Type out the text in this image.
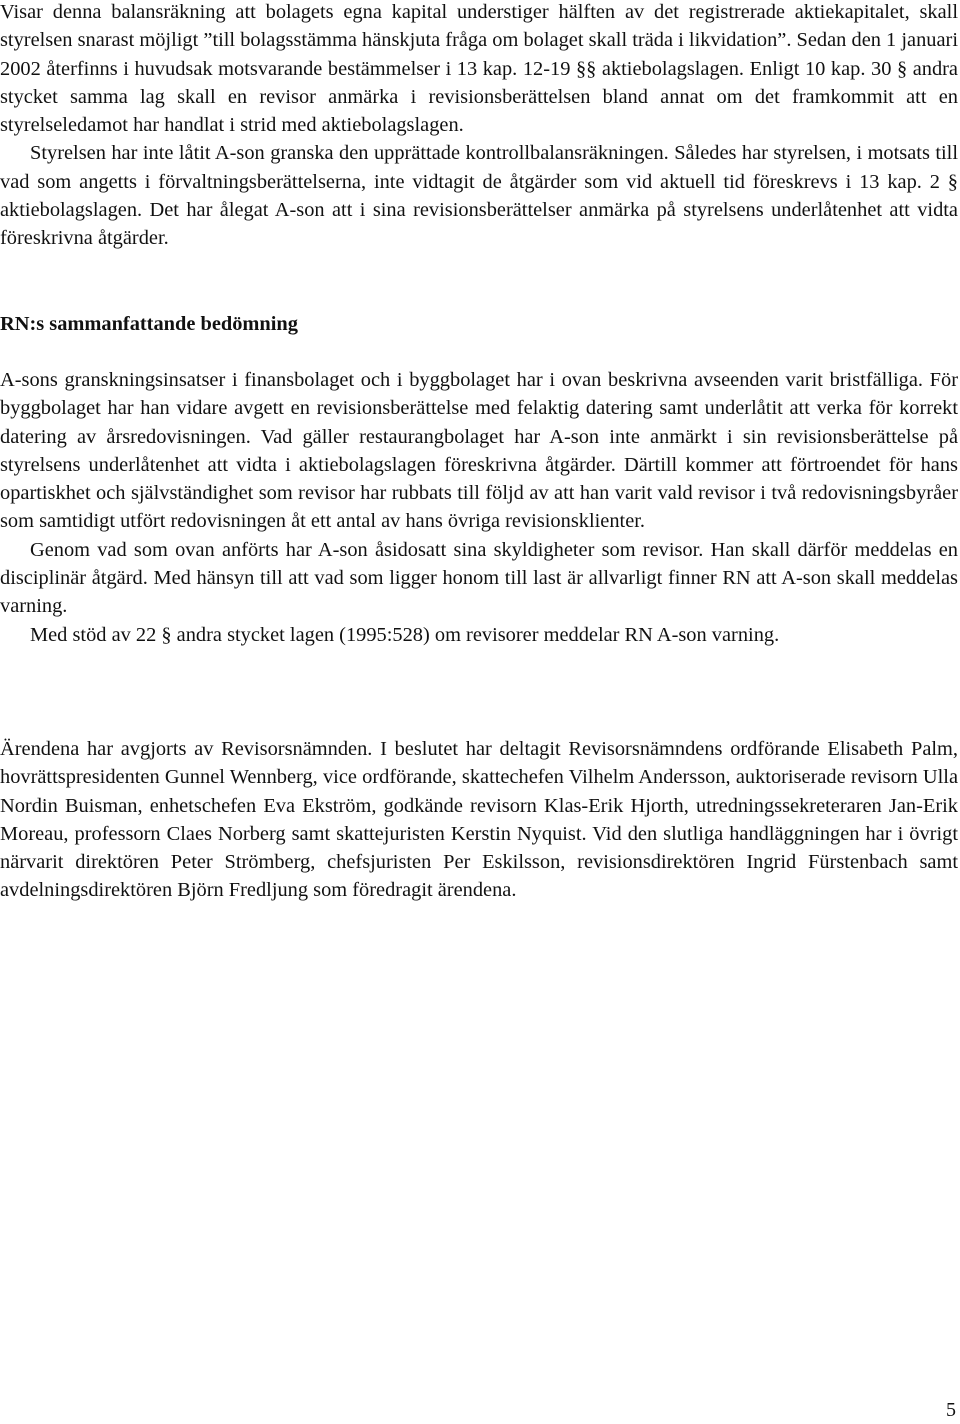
Visar denna balansräkning att bolagets egna kapital understiger hälften av det registrerade aktiekapitalet, skall styrelsen snarast möjligt ”till bolagsstämma hänskjuta fråga om bolaget skall träda i likvidation”. Sedan den 1 januari 2002 återfinns i huvudsak motsvarande bestämmelser i 13 kap. 12-19 §§ aktiebolagslagen. Enligt 10 kap. 30 § andra stycket samma lag skall en revisor anmärka i revisionsberättelsen bland annat om det framkommit att en styrelseledamot har handlat i strid med aktiebolagslagen.

Styrelsen har inte låtit A-son granska den upprättade kontrollbalansräkningen. Således har styrelsen, i motsats till vad som angetts i förvaltningsberättelserna, inte vidtagit de åtgärder som vid aktuell tid föreskrevs i 13 kap. 2 § aktiebolagslagen. Det har ålegat A-son att i sina revisionsberättelser anmärka på styrelsens underlåtenhet att vidta föreskrivna åtgärder.

RN:s sammanfattande bedömning

A-sons granskningsinsatser i finansbolaget och i byggbolaget har i ovan beskrivna avseenden varit bristfälliga. För byggbolaget har han vidare avgett en revisionsberättelse med felaktig datering samt underlåtit att verka för korrekt datering av årsredovisningen. Vad gäller restaurangbolaget har A-son inte anmärkt i sin revisionsberättelse på styrelsens underlåtenhet att vidta i aktiebolagslagen föreskrivna åtgärder. Därtill kommer att förtroendet för hans opartiskhet och självständighet som revisor har rubbats till följd av att han varit vald revisor i två redovisningsbyråer som samtidigt utfört redovisningen åt ett antal av hans övriga revisionsklienter.

Genom vad som ovan anförts har A-son åsidosatt sina skyldigheter som revisor. Han skall därför meddelas en disciplinär åtgärd. Med hänsyn till att vad som ligger honom till last är allvarligt finner RN att A-son skall meddelas varning.

Med stöd av 22 § andra stycket lagen (1995:528) om revisorer meddelar RN A-son varning.

Ärendena har avgjorts av Revisorsnämnden. I beslutet har deltagit Revisorsnämndens ordförande Elisabeth Palm, hovrättspresidenten Gunnel Wennberg, vice ordförande, skattechefen Vilhelm Andersson, auktoriserade revisorn Ulla Nordin Buisman, enhetschefen Eva Ekström, godkände revisorn Klas-Erik Hjorth, utredningssekreteraren Jan-Erik Moreau, professorn Claes Norberg samt skattejuristen Kerstin Nyquist. Vid den slutliga handläggningen har i övrigt närvarit direktören Peter Strömberg, chefsjuristen Per Eskilsson, revisionsdirektören Ingrid Fürstenbach samt avdelningsdirektören Björn Fredljung som föredragit ärendena.

5
